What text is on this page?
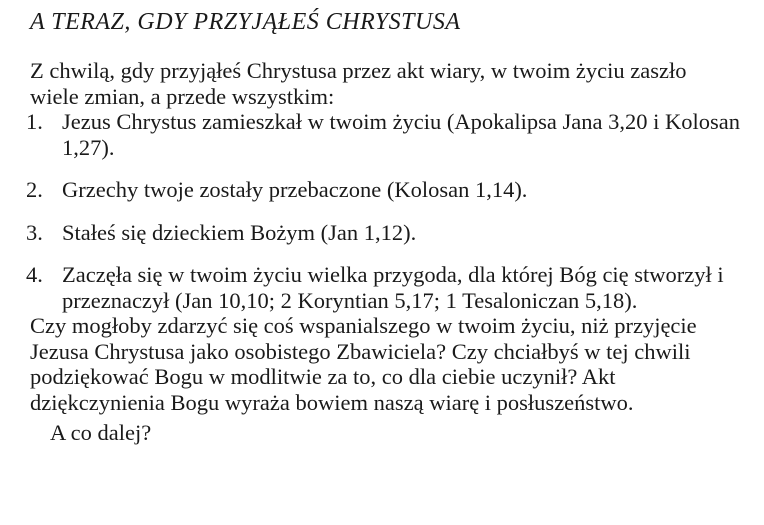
A TERAZ, GDY PRZYJĄŁEŚ CHRYSTUSA

Z chwilą, gdy przyjąłeś Chrystusa przez akt wiary, w twoim życiu zaszło wiele zmian, a przede wszystkim:

1. Jezus Chrystus zamieszkał w twoim życiu (Apokalipsa Jana 3,20 i Kolosan 1,27).
2. Grzechy twoje zostały przebaczone (Kolosan 1,14).
3. Stałeś się dzieckiem Bożym (Jan 1,12).
4. Zaczęła się w twoim życiu wielka przygoda, dla której Bóg cię stworzył i przeznaczył (Jan 10,10; 2 Koryntian 5,17; 1 Tesaloniczan 5,18).

Czy mogłoby zdarzyć się coś wspanialszego w twoim życiu, niż przyjęcie Jezusa Chrystusa jako osobistego Zbawiciela? Czy chciałbyś w tej chwili podziękować Bogu w modlitwie za to, co dla ciebie uczynił? Akt dziękczynienia Bogu wyraża bowiem naszą wiarę i posłuszeństwo.

A co dalej?
